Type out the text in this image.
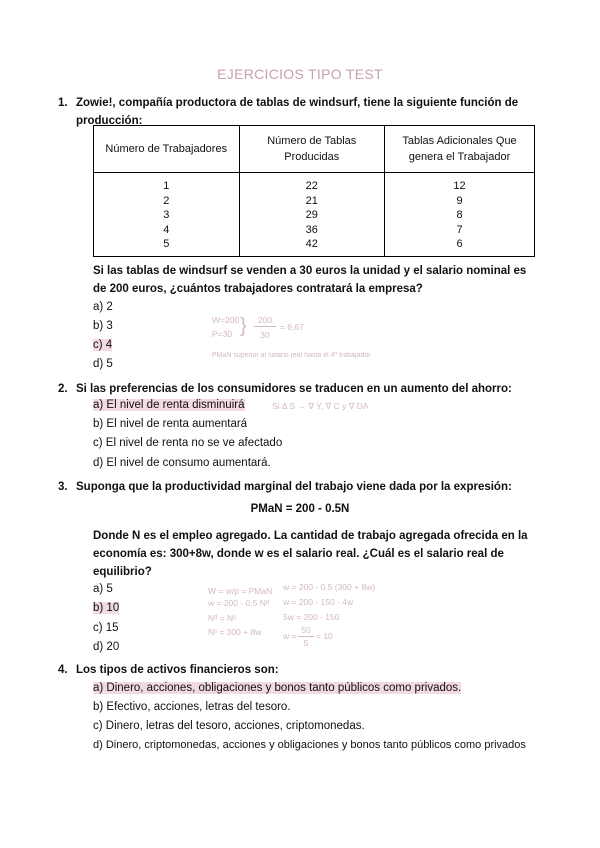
EJERCICIOS TIPO TEST
1. Zowie!, compañía productora de tablas de windsurf, tiene la siguiente función de producción:
Número de Trabajadores	Número de Tablas Producidas	Tablas Adicionales Que genera el Trabajador
1	22	12
2	21	9
3	29	8
4	36	7
5	42	6
Si las tablas de windsurf se venden a 30 euros la unidad y el salario nominal es de 200 euros, ¿cuántos trabajadores contratará la empresa?
a) 2
b) 3
c) 4
d) 5
W=200
P=30 }	200
30
= 6,67
PMaN superior al salario real hasta el 4º trabajador
2. Si las preferencias de los consumidores se traducen en un aumento del ahorro:
a) El nivel de renta disminuirá
b) El nivel de renta aumentará
c) El nivel de renta no se ve afectado
d) El nivel de consumo aumentará.
Si Δ S → ∇ Y, ∇ C y ∇ DA
3. Suponga que la productividad marginal del trabajo viene dada por la expresión:
PMaN = 200 - 0.5N
Donde N es el empleo agregado. La cantidad de trabajo agregada ofrecida en la economía es: 300+8w, donde w es el salario real. ¿Cuál es el salario real de equilibrio?
a) 5
b) 10
c) 15
d) 20
W = w/p = PMaN
w = 200 - 0.5 Nᵈ
Nᵈ = Nˢ
Nˢ = 300 + 8w
w = 200 - 0.5 (300 + 8w)
w = 200 - 150 - 4w
5w = 200 - 150
w =
50
5
= 10
4. Los tipos de activos financieros son:
a) Dinero, acciones, obligaciones y bonos tanto públicos como privados.
b) Efectivo, acciones, letras del tesoro.
c) Dinero, letras del tesoro, acciones, criptomonedas.
d) Dinero, criptomonedas, acciones y obligaciones y bonos tanto públicos como privados
